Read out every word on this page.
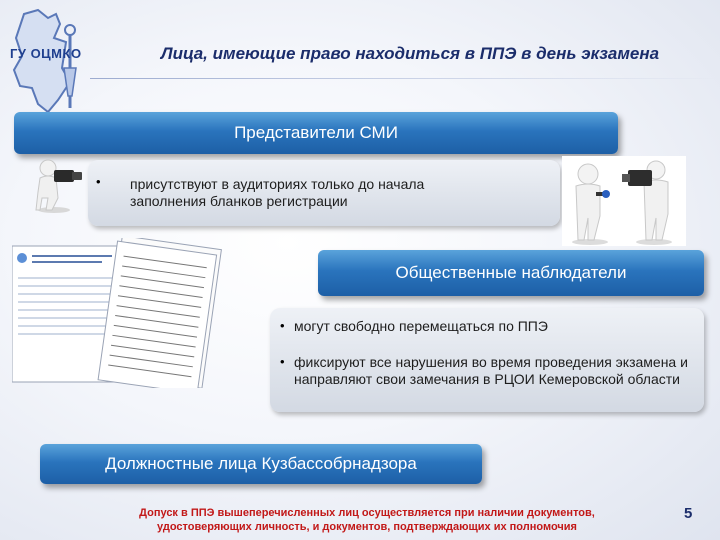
ГУ ОЦМКО	Лица, имеющие право находиться в ППЭ в день экзамена
Представители СМИ
• присутствуют в аудиториях только до начала заполнения бланков регистрации
Общественные наблюдатели
• могут свободно перемещаться по ППЭ
• фиксируют все нарушения во время проведения экзамена и направляют свои замечания в РЦОИ Кемеровской области
Должностные лица Кузбассобрнадзора
Допуск в ППЭ вышеперечисленных лиц осуществляется при наличии документов, удостоверяющих личность, и документов, подтверждающих их полномочия
5
